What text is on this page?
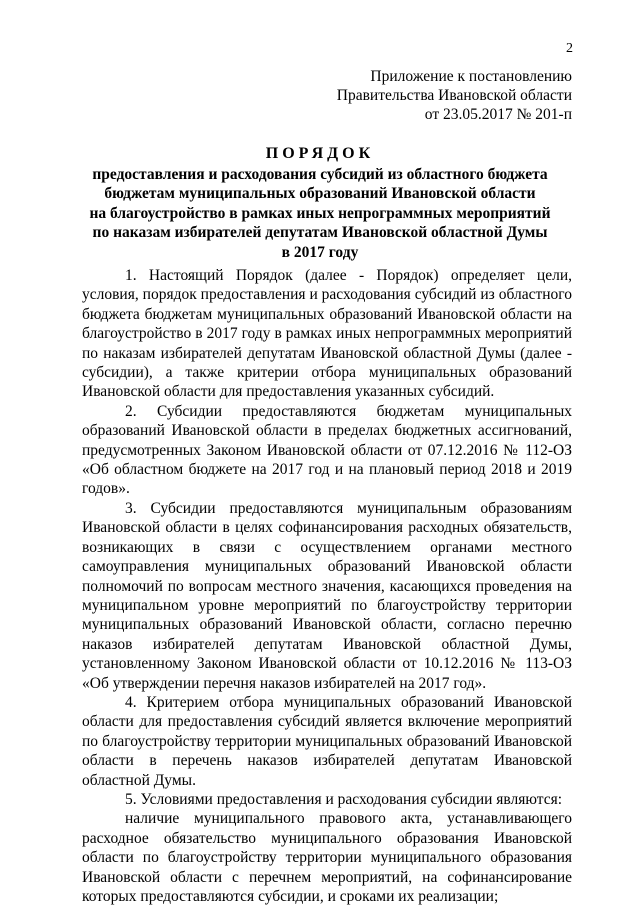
2
Приложение к постановлению
Правительства Ивановской области
от 23.05.2017 № 201-п
ПОРЯДОК
предоставления и расходования субсидий из областного бюджета
бюджетам муниципальных образований Ивановской области
на благоустройство в рамках иных непрограммных мероприятий
по наказам избирателей депутатам Ивановской областной Думы
в 2017 году

1. Настоящий Порядок (далее - Порядок) определяет цели, условия, порядок предоставления и расходования субсидий из областного бюджета бюджетам муниципальных образований Ивановской области на благоустройство в 2017 году в рамках иных непрограммных мероприятий по наказам избирателей депутатам Ивановской областной Думы (далее - субсидии), а также критерии отбора муниципальных образований Ивановской области для предоставления указанных субсидий.

2. Субсидии предоставляются бюджетам муниципальных образований Ивановской области в пределах бюджетных ассигнований, предусмотренных Законом Ивановской области от 07.12.2016 № 112-ОЗ «Об областном бюджете на 2017 год и на плановый период 2018 и 2019 годов».

3. Субсидии предоставляются муниципальным образованиям Ивановской области в целях софинансирования расходных обязательств, возникающих в связи с осуществлением органами местного самоуправления муниципальных образований Ивановской области полномочий по вопросам местного значения, касающихся проведения на муниципальном уровне мероприятий по благоустройству территории муниципальных образований Ивановской области, согласно перечню наказов избирателей депутатам Ивановской областной Думы, установленному Законом Ивановской области от 10.12.2016 № 113-ОЗ «Об утверждении перечня наказов избирателей на 2017 год».

4. Критерием отбора муниципальных образований Ивановской области для предоставления субсидий является включение мероприятий по благоустройству территории муниципальных образований Ивановской области в перечень наказов избирателей депутатам Ивановской областной Думы.

5. Условиями предоставления и расходования субсидии являются:

наличие муниципального правового акта, устанавливающего расходное обязательство муниципального образования Ивановской области по благоустройству территории муниципального образования Ивановской области с перечнем мероприятий, на софинансирование которых предоставляются субсидии, и сроками их реализации;
